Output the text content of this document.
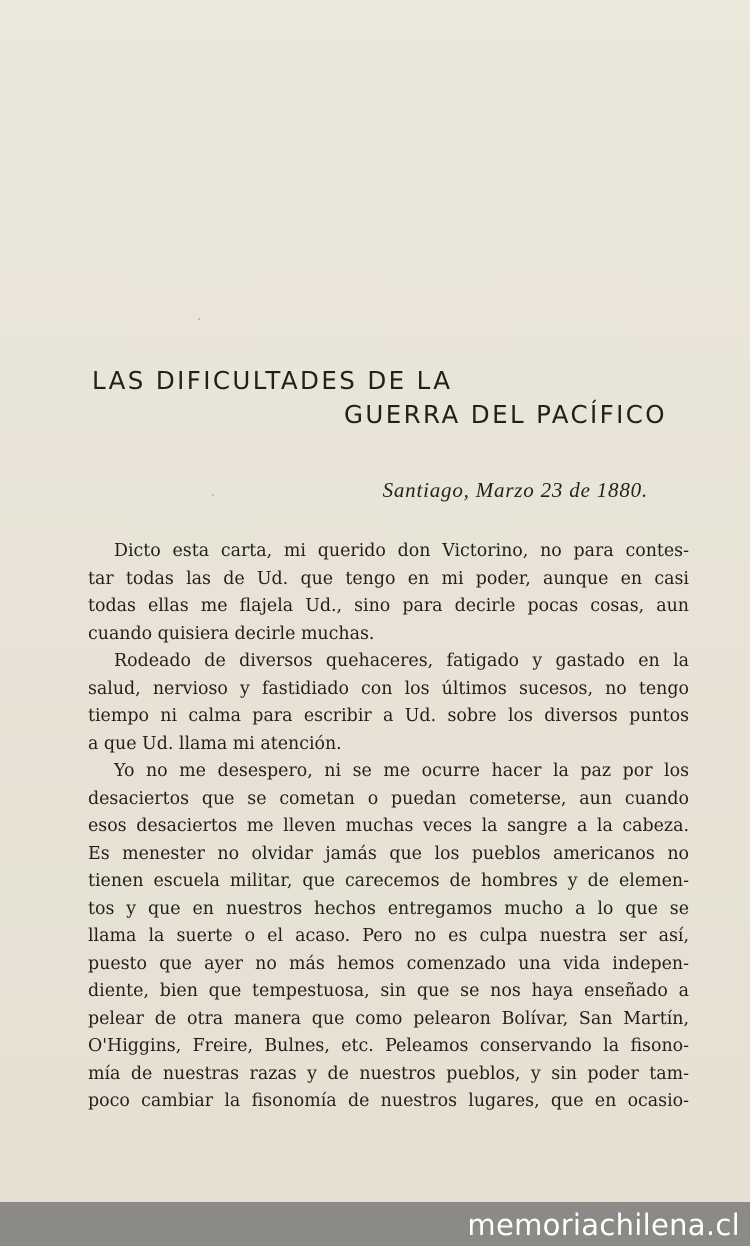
LAS DIFICULTADES DE LA
GUERRA DEL PACÍFICO
Santiago, Marzo 23 de 1880.

Dicto esta carta, mi querido don Victorino, no para contes-
tar todas las de Ud. que tengo en mi poder, aunque en casi
todas ellas me flajela Ud., sino para decirle pocas cosas, aun
cuando quisiera decirle muchas.

Rodeado de diversos quehaceres, fatigado y gastado en la
salud, nervioso y fastidiado con los últimos sucesos, no tengo
tiempo ni calma para escribir a Ud. sobre los diversos puntos
a que Ud. llama mi atención.

Yo no me desespero, ni se me ocurre hacer la paz por los
desaciertos que se cometan o puedan cometerse, aun cuando
esos desaciertos me lleven muchas veces la sangre a la cabeza.
Es menester no olvidar jamás que los pueblos americanos no
tienen escuela militar, que carecemos de hombres y de elemen-
tos y que en nuestros hechos entregamos mucho a lo que se
llama la suerte o el acaso. Pero no es culpa nuestra ser así,
puesto que ayer no más hemos comenzado una vida indepen-
diente, bien que tempestuosa, sin que se nos haya enseñado a
pelear de otra manera que como pelearon Bolívar, San Martín,
O'Higgins, Freire, Bulnes, etc. Peleamos conservando la fisono-
mía de nuestras razas y de nuestros pueblos, y sin poder tam-
poco cambiar la fisonomía de nuestros lugares, que en ocasio-

memoriachilena.cl
